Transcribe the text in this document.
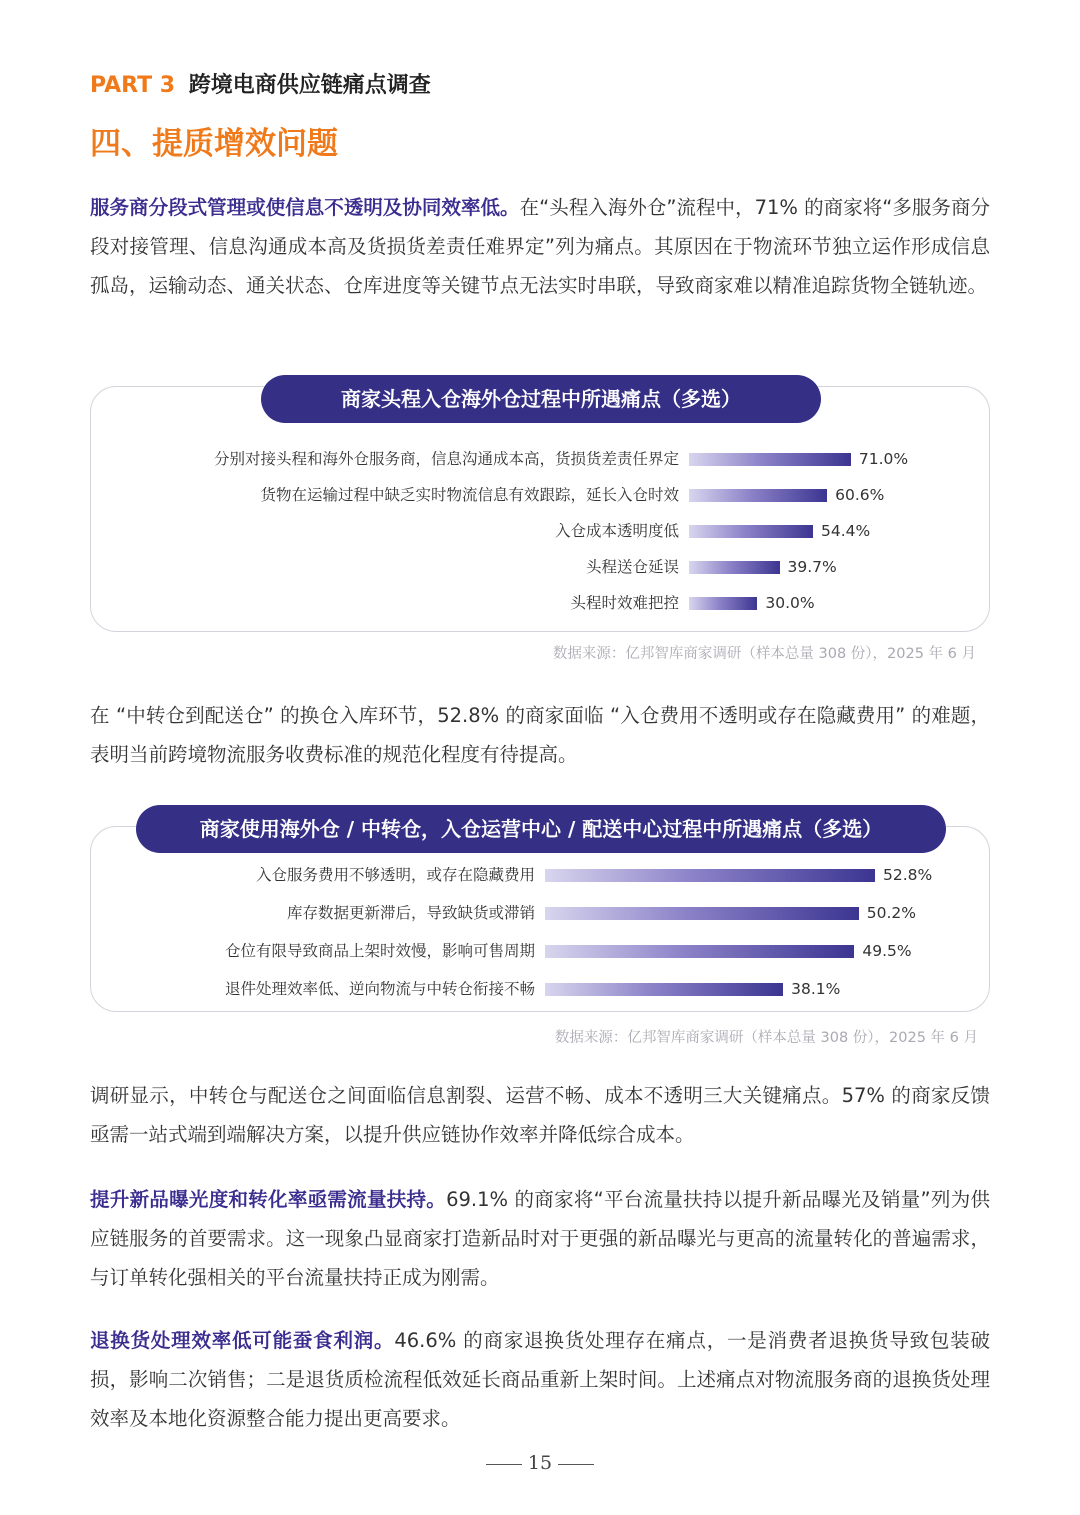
PART 3 跨境电商供应链痛点调查
四、提质增效问题

服务商分段式管理或使信息不透明及协同效率低。在“头程入海外仓”流程中，71% 的商家将“多服务商分段对接管理、信息沟通成本高及货损货差责任难界定”列为痛点。其原因在于物流环节独立运作形成信息孤岛，运输动态、通关状态、仓库进度等关键节点无法实时串联，导致商家难以精准追踪货物全链轨迹。

商家头程入仓海外仓过程中所遇痛点（多选）
分别对接头程和海外仓服务商，信息沟通成本高，货损货差责任界定	71.0%
货物在运输过程中缺乏实时物流信息有效跟踪，延长入仓时效	60.6%
入仓成本透明度低	54.4%
头程送仓延误	39.7%
头程时效难把控	30.0%
数据来源：亿邦智库商家调研（样本总量 308 份），2025 年 6 月

在 “中转仓到配送仓” 的换仓入库环节，52.8% 的商家面临 “入仓费用不透明或存在隐藏费用” 的难题，表明当前跨境物流服务收费标准的规范化程度有待提高。

商家使用海外仓 / 中转仓，入仓运营中心 / 配送中心过程中所遇痛点（多选）
入仓服务费用不够透明，或存在隐藏费用	52.8%
库存数据更新滞后，导致缺货或滞销	50.2%
仓位有限导致商品上架时效慢，影响可售周期	49.5%
退件处理效率低、逆向物流与中转仓衔接不畅	38.1%
数据来源：亿邦智库商家调研（样本总量 308 份），2025 年 6 月

调研显示，中转仓与配送仓之间面临信息割裂、运营不畅、成本不透明三大关键痛点。57% 的商家反馈亟需一站式端到端解决方案，以提升供应链协作效率并降低综合成本。

提升新品曝光度和转化率亟需流量扶持。69.1% 的商家将“平台流量扶持以提升新品曝光及销量”列为供应链服务的首要需求。这一现象凸显商家打造新品时对于更强的新品曝光与更高的流量转化的普遍需求，与订单转化强相关的平台流量扶持正成为刚需。

退换货处理效率低可能蚕食利润。46.6% 的商家退换货处理存在痛点，一是消费者退换货导致包装破损，影响二次销售；二是退货质检流程低效延长商品重新上架时间。上述痛点对物流服务商的退换货处理效率及本地化资源整合能力提出更高要求。

15
